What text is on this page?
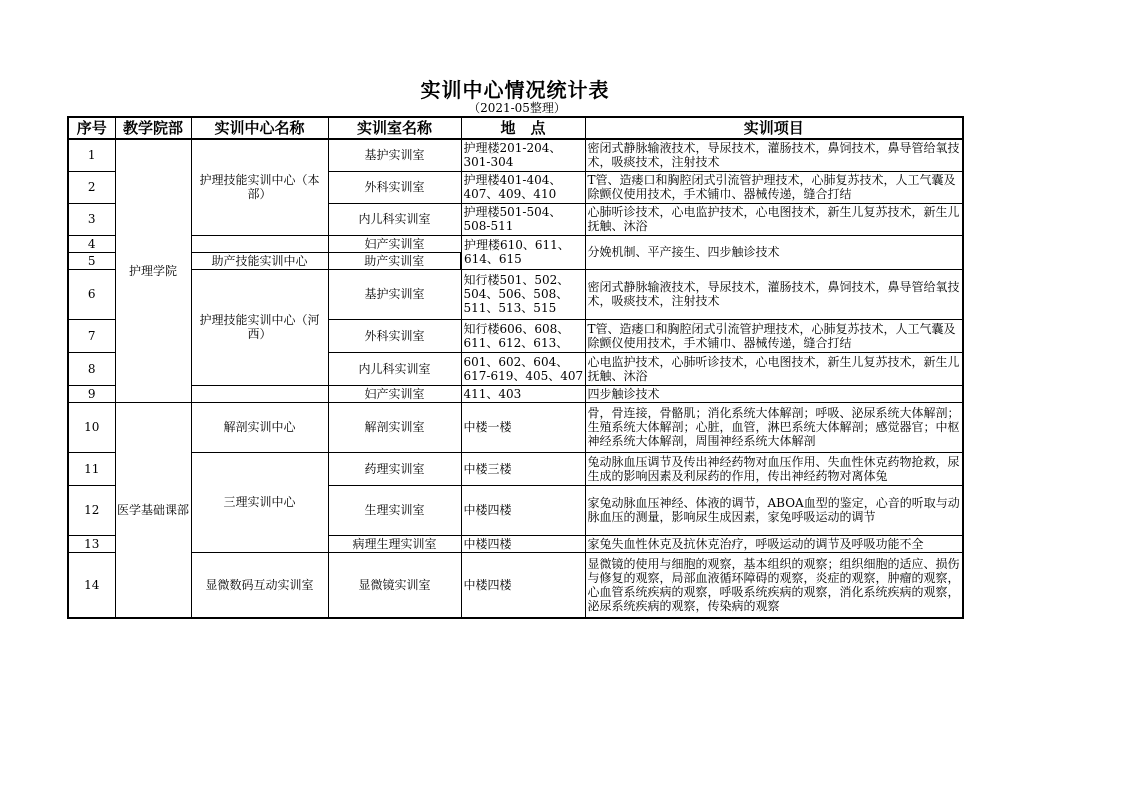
实训中心情况统计表
（2021-05整理）
序号	教学院部	实训中心名称	实训室名称	地　点	实训项目
1	护理学院	护理技能实训中心（本部）	基护实训室	护理楼201-204、301-304	密闭式静脉输液技术，导尿技术，灌肠技术，鼻饲技术，鼻导管给氧技术，吸痰技术，注射技术
2			外科实训室	护理楼401-404、407、409、410	T管、造瘘口和胸腔闭式引流管护理技术，心肺复苏技术，人工气囊及除颤仪使用技术，手术铺巾、器械传递，缝合打结
3			内儿科实训室	护理楼501-504、508-511	心肺听诊技术，心电监护技术，心电图技术，新生儿复苏技术，新生儿抚触、沐浴
4			妇产实训室	护理楼610、611、614、615	分娩机制、平产接生、四步触诊技术
5		助产技能实训中心	助产实训室		
6		护理技能实训中心（河西）	基护实训室	知行楼501、502、504、506、508、511、513、515	密闭式静脉输液技术，导尿技术，灌肠技术，鼻饲技术，鼻导管给氧技术，吸痰技术，注射技术
7			外科实训室	知行楼606、608、611、612、613、	T管、造瘘口和胸腔闭式引流管护理技术，心肺复苏技术，人工气囊及除颤仪使用技术，手术铺巾、器械传递，缝合打结
8			内儿科实训室	601、602、604、617-619、405、407	心电监护技术，心肺听诊技术，心电图技术，新生儿复苏技术，新生儿抚触、沐浴
9			妇产实训室	411、403	四步触诊技术
10	医学基础课部	解剖实训中心	解剖实训室	中楼一楼	骨，骨连接，骨骼肌；消化系统大体解剖；呼吸、泌尿系统大体解剖；生殖系统大体解剖；心脏，血管，淋巴系统大体解剖；感觉器官；中枢神经系统大体解剖，周围神经系统大体解剖
11		三理实训中心	药理实训室	中楼三楼	兔动脉血压调节及传出神经药物对血压作用、失血性休克药物抢救，尿生成的影响因素及利尿药的作用，传出神经药物对离体兔
12			生理实训室	中楼四楼	家兔动脉血压神经、体液的调节，ABOA血型的鉴定，心音的听取与动脉血压的测量，影响尿生成因素，家兔呼吸运动的调节
13			病理生理实训室	中楼四楼	家兔失血性休克及抗休克治疗，呼吸运动的调节及呼吸功能不全
14		显微数码互动实训室	显微镜实训室	中楼四楼	显微镜的使用与细胞的观察，基本组织的观察；组织细胞的适应、损伤与修复的观察，局部血液循环障碍的观察，炎症的观察，肿瘤的观察，心血管系统疾病的观察，呼吸系统疾病的观察，消化系统疾病的观察，泌尿系统疾病的观察，传染病的观察
